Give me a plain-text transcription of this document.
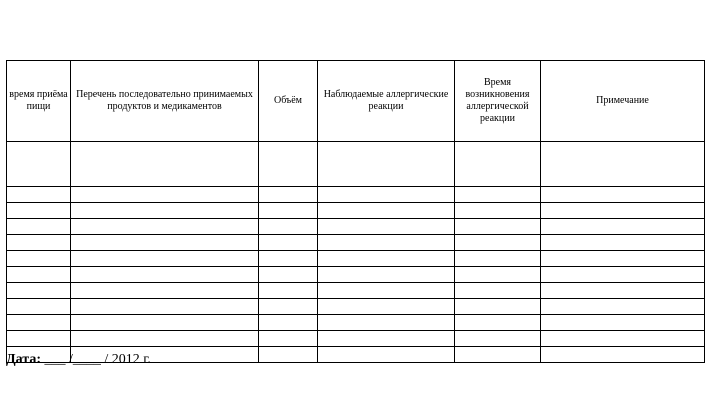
время приёма пищи	Перечень последовательно принимаемых продуктов и медикаментов	Объём	Наблюдаемые аллергические реакции	Время возникновения аллергической реакции	Примечание

Дата: ___ /____ / 2012 г.
